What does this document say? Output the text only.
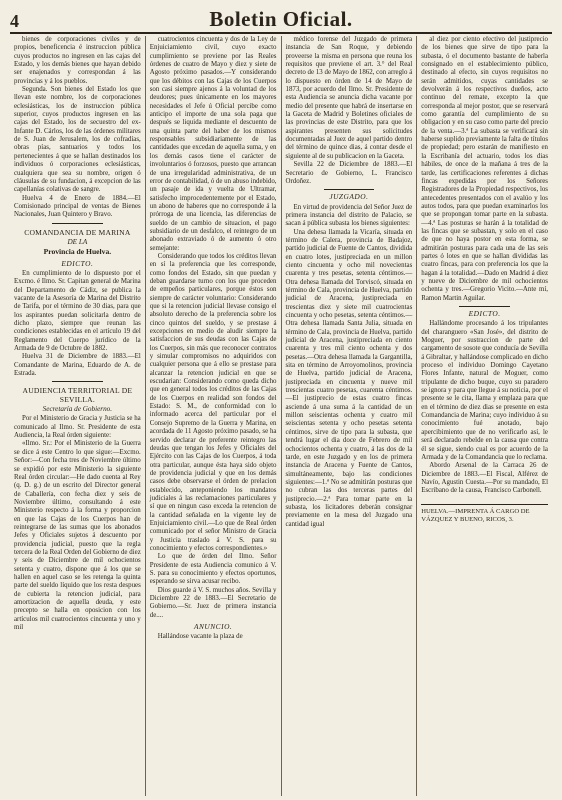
4	Boletin Oficial.

bienes de corporaciones civiles y de propios, beneficencia é instruccion pública cuyos productos no ingresen en las cajas del Estado, y los demás bienes que hayan debido ser enajenados y correspondan á las provincias y á los pueblos.

Segunda. Son bienes del Estado los que llevan este nombre, los de corporaciones eclesiásticas, los de instruccion pública superior, cuyos productos ingresen en las cajas del Estado, los de secuestro del ex-Infante D. Cárlos, los de las órdenes militares de S. Juan de Jerusalem, los de cofradías, obras pías, santuarios y todos los pertenecientes á que se hallan destinados los individuos ó corporaciones eclesiásticas, cualquiera que sea su nombre, origen ó cláusulas de su fundacion, á excepcion de las capellanías colativas de sangre.

Huelva 4 de Enero de 1884.—El Comisionado principal de ventas de Bienes Nacionales, Juan Quintero y Bravo.

COMANDANCIA DE MARINA
DE LA
Provincia de Huelva.
EDICTO.

En cumplimiento de lo dispuesto por el Excmo. é Ilmo. Sr. Capitan general de Marina del Departamento de Cádiz, se publica la vacante de la Asesoría de Marina del Distrito de Tarifa, por el término de 30 dias, para que los aspirantes puedan solicitarla dentro de dicho plazo, siempre que reunan las condiciones establecidas en el artículo 19 del Reglamento del Cuerpo jurídico de la Armada de 9 de Octubre de 1882.

Huelva 31 de Diciembre de 1883.—El Comandante de Marina, Eduardo de A. de Estrada.

AUDIENCIA TERRITORIAL DE SEVILLA.
Secretaría de Gobierno.

Por el Ministerio de Gracia y Justicia se ha comunicado al Ilmo. Sr. Presidente de esta Audiencia, la Real órden siguiente:

«Ilmo. Sr.: Por el Ministerio de la Guerra se dice á este Centro lo que sigue:—Excmo. Señor:—Con fecha tres de Noviembre último se expidió por este Ministerio la siguiente Real órden circular:—He dado cuenta al Rey (q. D. g.) de un escrito del Director general de Caballería, con fecha diez y seis de Noviembre último, consultando á este Ministerio respecto á la forma y proporcion en que las Cajas de los Cuerpos han de reintegrarse de las sumas que los abonados Jefes y Oficiales sujetos á descuento por providencia judicial, puesto que la regla tercera de la Real Orden del Gobierno de diez y seis de Diciembre de mil ochocientos setenta y cuatro, dispone que á los que se hallen en aquel caso se les retenga la quinta parte del sueldo líquido que los resta despues de cubierta la retencion judicial, para amortizacion de aquella deuda, y este precepto se halla en oposicion con los artículos mil cuatrocientos cincuenta y uno y mil

cuatrocientos cincuenta y dos de la Ley de Enjuiciamiento civil, cuyo exacto cumplimiento se previene por las Reales órdenes de cuatro de Mayo y diez y siete de Agosto próximo pasados.—Y considerando que los débitos con las Cajas de los Cuerpos son casi siempre ajenos á la voluntad de los deudores; pues únicamente en los mayores necesidades el Jefe ú Oficial percibe como anticipo el importe de una sola paga que después se liquida mediante el descuento de una quinta parte del haber de los mismos responsables subsidiariamente de las cantidades que excedan de aquella suma, y en los demás casos tiene el carácter de involuntarios ó forzosos, puesto que arrancan de una irregularidad administrativa, de un error de contabilidad, ó de un abuso indebido, un pasaje de ida y vuelta de Ultramar, satisfecho improcedentemente por el Estado, un abono de haberes que no corresponde á la prórroga de una licencia, las diferencias de sueldo de un cambio de situacion, el pago subsidiario de un desfalco, el reintegro de un abonado extraviado ó de aumento ó otro semejante:

Considerando que todos los créditos llevan en sí la preferencia que les corresponde, como fondos del Estado, sin que puedan y deban guardarse turno con los que proceden de empeños particulares, porque éstos son siempre de carácter voluntario: Considerando que si la retencion judicial llevase consigo el absoluto derecho de la preferencia sobre los cinco quintos del sueldo, y se prestase á excepciones en medio de aludir siempre la satisfaccion de sus deudas con las Cajas de los Cuerpos, sin más que reconocer contratos y simular compromisos no adquiridos con cualquier persona que á ello se prestase para alcanzar la retencion judicial en que se escudarian: Considerando como queda dicho que en general todos los créditos de las Cajas de los Cuerpos en realidad son fondos del Estado: S. M., de conformidad con lo informado acerca del particular por el Consejo Supremo de la Guerra y Marina, en acordada de 11 Agosto próximo pasado, se ha servido declarar de preferente reintegro las deudas que tengan los Jefes y Oficiales del Ejército con las Cajas de los Cuerpos, á toda otra particular, aunque ésta haya sido objeto de providencia judicial y que en los demás casos debe observarse el órden de prelacion establecido, anteponiendo los mandatos judiciales á las reclamaciones particulares y sí que en ningun caso exceda la retencion de la cantidad señalada en la vigente ley de Enjuiciamiento civil.—Lo que de Real órden comunicado por el señor Ministro de Gracia y Justicia traslado á V. S. para su conocimiento y efectos correspondientes.»

Lo que de órden del Ilmo. Señor Presidente de esta Audiencia comunico á V. S. para su conocimiento y efectos oportunos, esperando se sirva acusar recibo.

Dios guarde á V. S. muchos años. Sevilla y Diciembre 22 de 1883.—El Secretario de Gobierno.—Sr. Juez de primera instancia de....

ANUNCIO.

Hallándose vacante la plaza de

médico forense del Juzgado de primera instancia de San Roque, y debiendo proveerse la misma en persona que reuna los requisitos que previene el art. 3.° del Real decreto de 13 de Mayo de 1862, con arreglo á lo dispuesto en órden de 14 de Mayo de 1873, por acuerdo del Ilmo. Sr. Presidente de esta Audiencia se anuncia dicha vacante por medio del presente que habrá de insertarse en la Gaceta de Madrid y Boletines oficiales de las provincias de este Distrito, para que los aspirantes presenten sus solicitudes documentadas al Juez de aquel partido dentro del término de quince dias, á contar desde el siguiente al de su publicacion en la Gaceta.

Sevilla 22 de Diciembre de 1883.—El Secretario de Gobierno, L. Francisco Ordoñez.

JUZGADO.

En virtud de providencia del Señor Juez de primera instancia del distrito de Palacio, se sacan á pública subasta los bienes siguientes:

Una dehesa llamada la Vicaría, situada en término de Calera, provincia de Badajoz, partido judicial de Fuente de Cantos, dividida en cuatro lotes, justipreciada en un millon ciento cincuenta y ocho mil novecientas cuarenta y tres pesetas, setenta céntimos.—Otra dehesa llamada del Torviscó, situada en término de Cala, provincia de Huelva, partido judicial de Aracena, justipreciada en trescientas diez y siete mil cuatrocientas cincuenta y ocho pesetas, setenta céntimos.—Otra dehesa llamada Santa Julia, situada en término de Cala, provincia de Huelva, partido judicial de Aracena, justipreciada en ciento cuarenta y tres mil ciento ochenta y dos pesetas.—Otra dehesa llamada la Gargantilla, sita en término de Arroyomolinos, provincia de Huelva, partido judicial de Aracena, justipreciada en cincuenta y nueve mil trescientas cuatro pesetas, cuarenta céntimos.—El justiprecio de estas cuatro fincas asciende á una suma á la cantidad de un millon seiscientas ochenta y cuatro mil seiscientas setenta y ocho pesetas setenta céntimos, sirve de tipo para la subasta, que tendrá lugar el dia doce de Febrero de mil ochocientos ochenta y cuatro, á las dos de la tarde, en este Juzgado y en los de primera instancia de Aracena y Fuente de Cantos, simultáneamente, bajo las condiciones siguientes:—1.ª No se admitirán posturas que no cubran las dos terceras partes del justiprecio.—2.ª Para tomar parte en la subasta, los licitadores deberán consignar previamente en la mesa del Juzgado una cantidad igual

al diez por ciento efectivo del justiprecio de los bienes que sirve de tipo para la subasta, ó el documento bastante de haberla consignado en el establecimiento público, destinado al efecto, sin cuyos requisitos no serán admitidos, cuyas cantidades se devolverán á los respectivos dueños, acto continuo del remate, excepto la que corresponda al mejor postor, que se reservará como garantía del cumplimiento de su obligacion y en su caso como parte del precio de la venta.—3.ª La subasta se verificará sin haberse suplido previamente la falta de títulos de propiedad; pero estarán de manifiesto en la Escribanía del actuario, todos los dias hábiles, de once de la mañana á tres de la tarde, las certificaciones referentes á dichas fincas expedidas por los Señores Registradores de la Propiedad respectivos, los antecedentes presentados con el avalúo y los autos todos, para que puedan examinarlos los que se propongan tomar parte en la subasta.—4.ª Las posturas se harán á la totalidad de las fincas que se subastan, y solo en el caso de que no haya postor en esta forma, se admitirán posturas para cada una de las seis partes ó lotes en que se hallan divididas las cuatro fincas, para con preferencia los que la hagan á la totalidad.—Dado en Madrid á diez y nueve de Diciembre de mil ochocientos ochenta y tres.—Gregorio Vicito.—Ante mí, Ramon Martin Aguilar.

EDICTO.

Hallándome procesando á los tripulantes del charanguero «San José», del distrito de Moguer, por sustraccion de parte del cargamento de sosote que conducía de Sevilla á Gibraltar, y hallándose complicado en dicho proceso el individuo Domingo Cayetano Flores Infante, natural de Moguer, como tripulante de dicho buque, cuyo su paradero se ignora y para que llegue á su noticia, por el presente se le cita, llama y emplaza para que en el término de diez dias se presente en esta Comandancia de Marina; cuyo individuo á su conocimiento fué anotado, bajo apercibimiento que de no verificarlo así, le será declarado rebelde en la causa que contra él se sigue, siendo cual es por acuerdo de la Armada y de la Comandancia que lo reclama.

Abordo Arsenal de la Carraca 26 de Diciembre de 1883.—El Fiscal, Alférez de Navío, Agustin Cuesta.—Por su mandado, El Escribano de la causa, Francisco Carbonell.

HUELVA.—IMPRENTA Á CARGO DE VÁZQUEZ Y BUENO, RICOS, 3.
